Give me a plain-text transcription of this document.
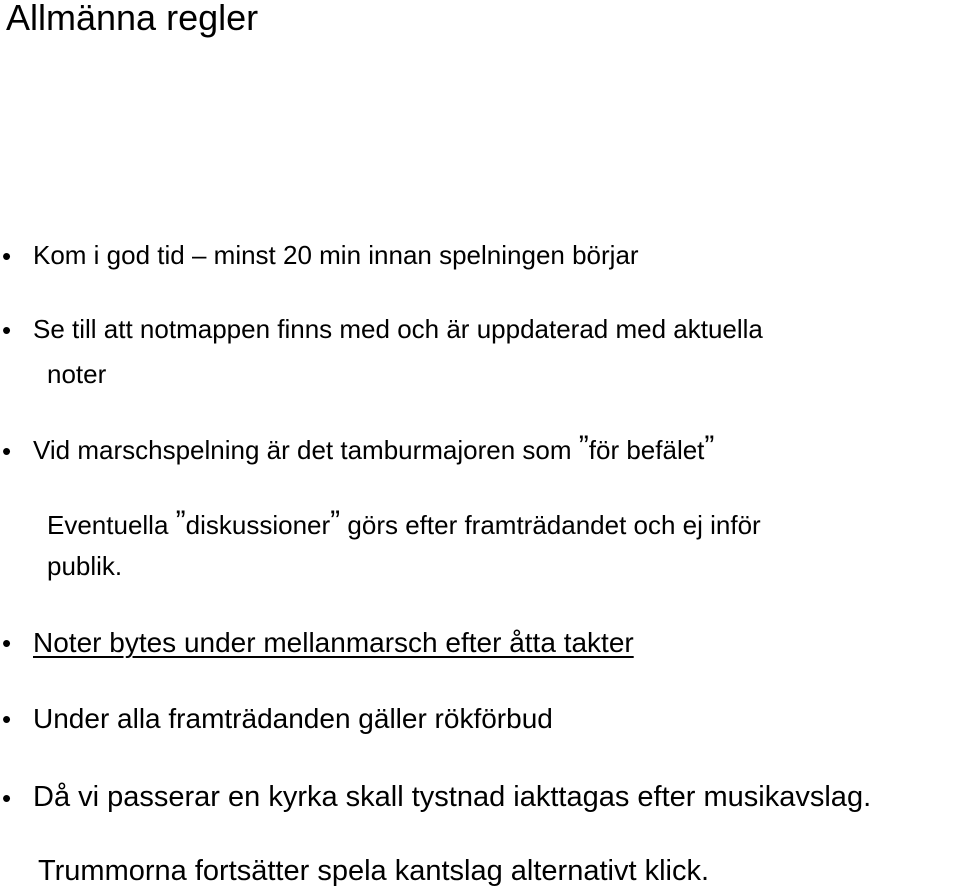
Allmänna regler
• Kom i god tid – minst 20 min innan spelningen börjar

• Se till att notmappen finns med och är uppdaterad med aktuella

noter

• Vid marschspelning är det tamburmajoren som ”för befälet”

Eventuella ”diskussioner” görs efter framträdandet och ej inför

publik.

• Noter bytes under mellanmarsch efter åtta takter

• Under alla framträdanden gäller rökförbud

• Då vi passerar en kyrka skall tystnad iakttagas efter musikavslag.

Trummorna fortsätter spela kantslag alternativt klick.
